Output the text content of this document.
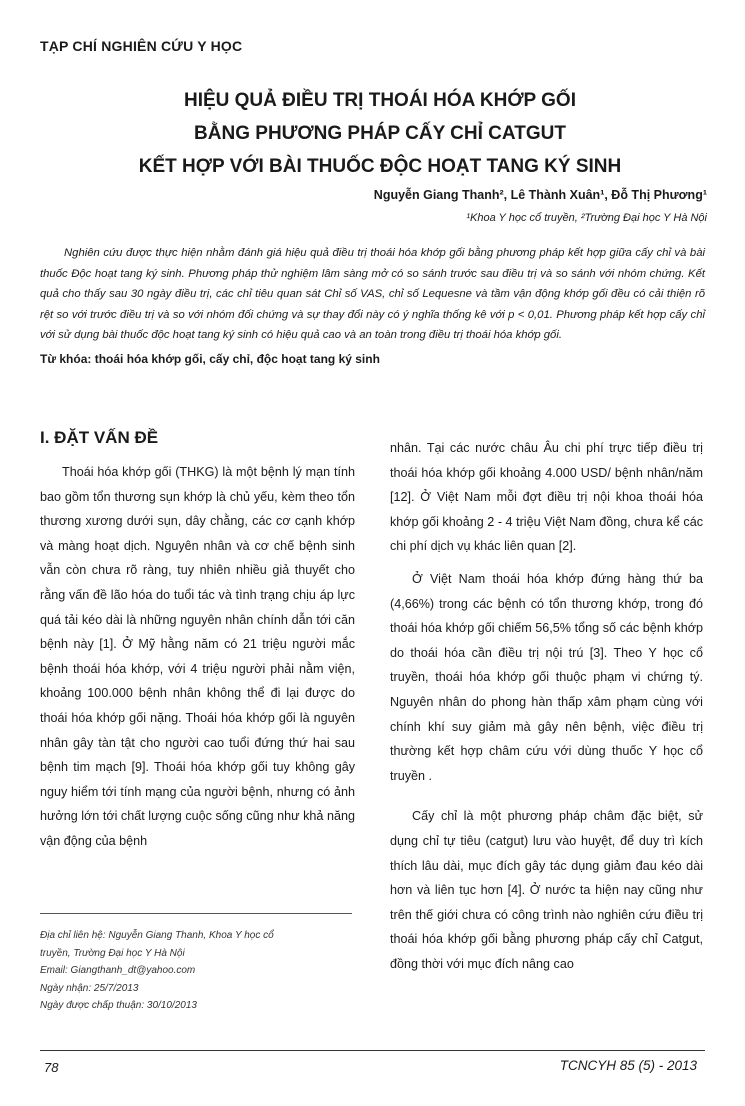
TẠP CHÍ NGHIÊN CỨU Y HỌC
HIỆU QUẢ ĐIỀU TRỊ THOÁI HÓA KHỚP GỐI
BẰNG PHƯƠNG PHÁP CẤY CHỈ CATGUT
KẾT HỢP VỚI BÀI THUỐC ĐỘC HOẠT TANG KÝ SINH
Nguyễn Giang Thanh², Lê Thành Xuân¹, Đỗ Thị Phương¹
¹Khoa Y học cổ truyền, ²Trường Đại học Y Hà Nội
Nghiên cứu được thực hiện nhằm đánh giá hiệu quả điều trị thoái hóa khớp gối bằng phương pháp kết hợp giữa cấy chỉ và bài thuốc Độc hoạt tang ký sinh. Phương pháp thử nghiệm lâm sàng mở có so sánh trước sau điều trị và so sánh với nhóm chứng. Kết quả cho thấy sau 30 ngày điều trị, các chỉ tiêu quan sát Chỉ số VAS, chỉ số Lequesne và tầm vận động khớp gối đều có cải thiện rõ rệt so với trước điều trị và so với nhóm đối chứng và sự thay đổi này có ý nghĩa thống kê với p < 0,01. Phương pháp kết hợp cấy chỉ với sử dụng bài thuốc độc hoạt tang ký sinh có hiệu quả cao và an toàn trong điều trị thoái hóa khớp gối.
Từ khóa: thoái hóa khớp gối, cấy chỉ, độc hoạt tang ký sinh
I. ĐẶT VẤN ĐỀ

Thoái hóa khớp gối (THKG) là một bệnh lý mạn tính bao gồm tổn thương sụn khớp là chủ yếu, kèm theo tổn thương xương dưới sụn, dây chằng, các cơ cạnh khớp và màng hoạt dịch. Nguyên nhân và cơ chế bệnh sinh vẫn còn chưa rõ ràng, tuy nhiên nhiều giả thuyết cho rằng vấn đề lão hóa do tuổi tác và tình trạng chịu áp lực quá tải kéo dài là những nguyên nhân chính dẫn tới căn bệnh này [1]. Ở Mỹ hằng năm có 21 triệu người mắc bệnh thoái hóa khớp, với 4 triệu người phải nằm viện, khoảng 100.000 bệnh nhân không thể đi lại được do thoái hóa khớp gối nặng. Thoái hóa khớp gối là nguyên nhân gây tàn tật cho người cao tuổi đứng thứ hai sau bệnh tim mạch [9]. Thoái hóa khớp gối tuy không gây nguy hiểm tới tính mạng của người bệnh, nhưng có ảnh hưởng lớn tới chất lượng cuộc sống cũng như khả năng vận động của bệnh

nhân. Tại các nước châu Âu chi phí trực tiếp điều trị thoái hóa khớp gối khoảng 4.000 USD/ bệnh nhân/năm [12]. Ở Việt Nam mỗi đợt điều trị nội khoa thoái hóa khớp gối khoảng 2 - 4 triệu Việt Nam đồng, chưa kể các chi phí dịch vụ khác liên quan [2].

Ở Việt Nam thoái hóa khớp đứng hàng thứ ba (4,66%) trong các bệnh có tổn thương khớp, trong đó thoái hóa khớp gối chiếm 56,5% tổng số các bệnh khớp do thoái hóa cần điều trị nội trú [3]. Theo Y học cổ truyền, thoái hóa khớp gối thuộc phạm vi chứng tý. Nguyên nhân do phong hàn thấp xâm phạm cùng với chính khí suy giảm mà gây nên bệnh, việc điều trị thường kết hợp châm cứu với dùng thuốc Y học cổ truyền .

Cấy chỉ là một phương pháp châm đặc biệt, sử dụng chỉ tự tiêu (catgut) lưu vào huyệt, để duy trì kích thích lâu dài, mục đích gây tác dụng giảm đau kéo dài hơn và liên tục hơn [4]. Ở nước ta hiện nay cũng như trên thế giới chưa có công trình nào nghiên cứu điều trị thoái hóa khớp gối bằng phương pháp cấy chỉ Catgut, đồng thời với mục đích nâng cao

Địa chỉ liên hệ: Nguyễn Giang Thanh, Khoa Y học cổ
truyền, Trường Đại học Y Hà Nội
Email: Giangthanh_dt@yahoo.com
Ngày nhận: 25/7/2013
Ngày được chấp thuận: 30/10/2013
78	TCNCYH 85 (5) - 2013
